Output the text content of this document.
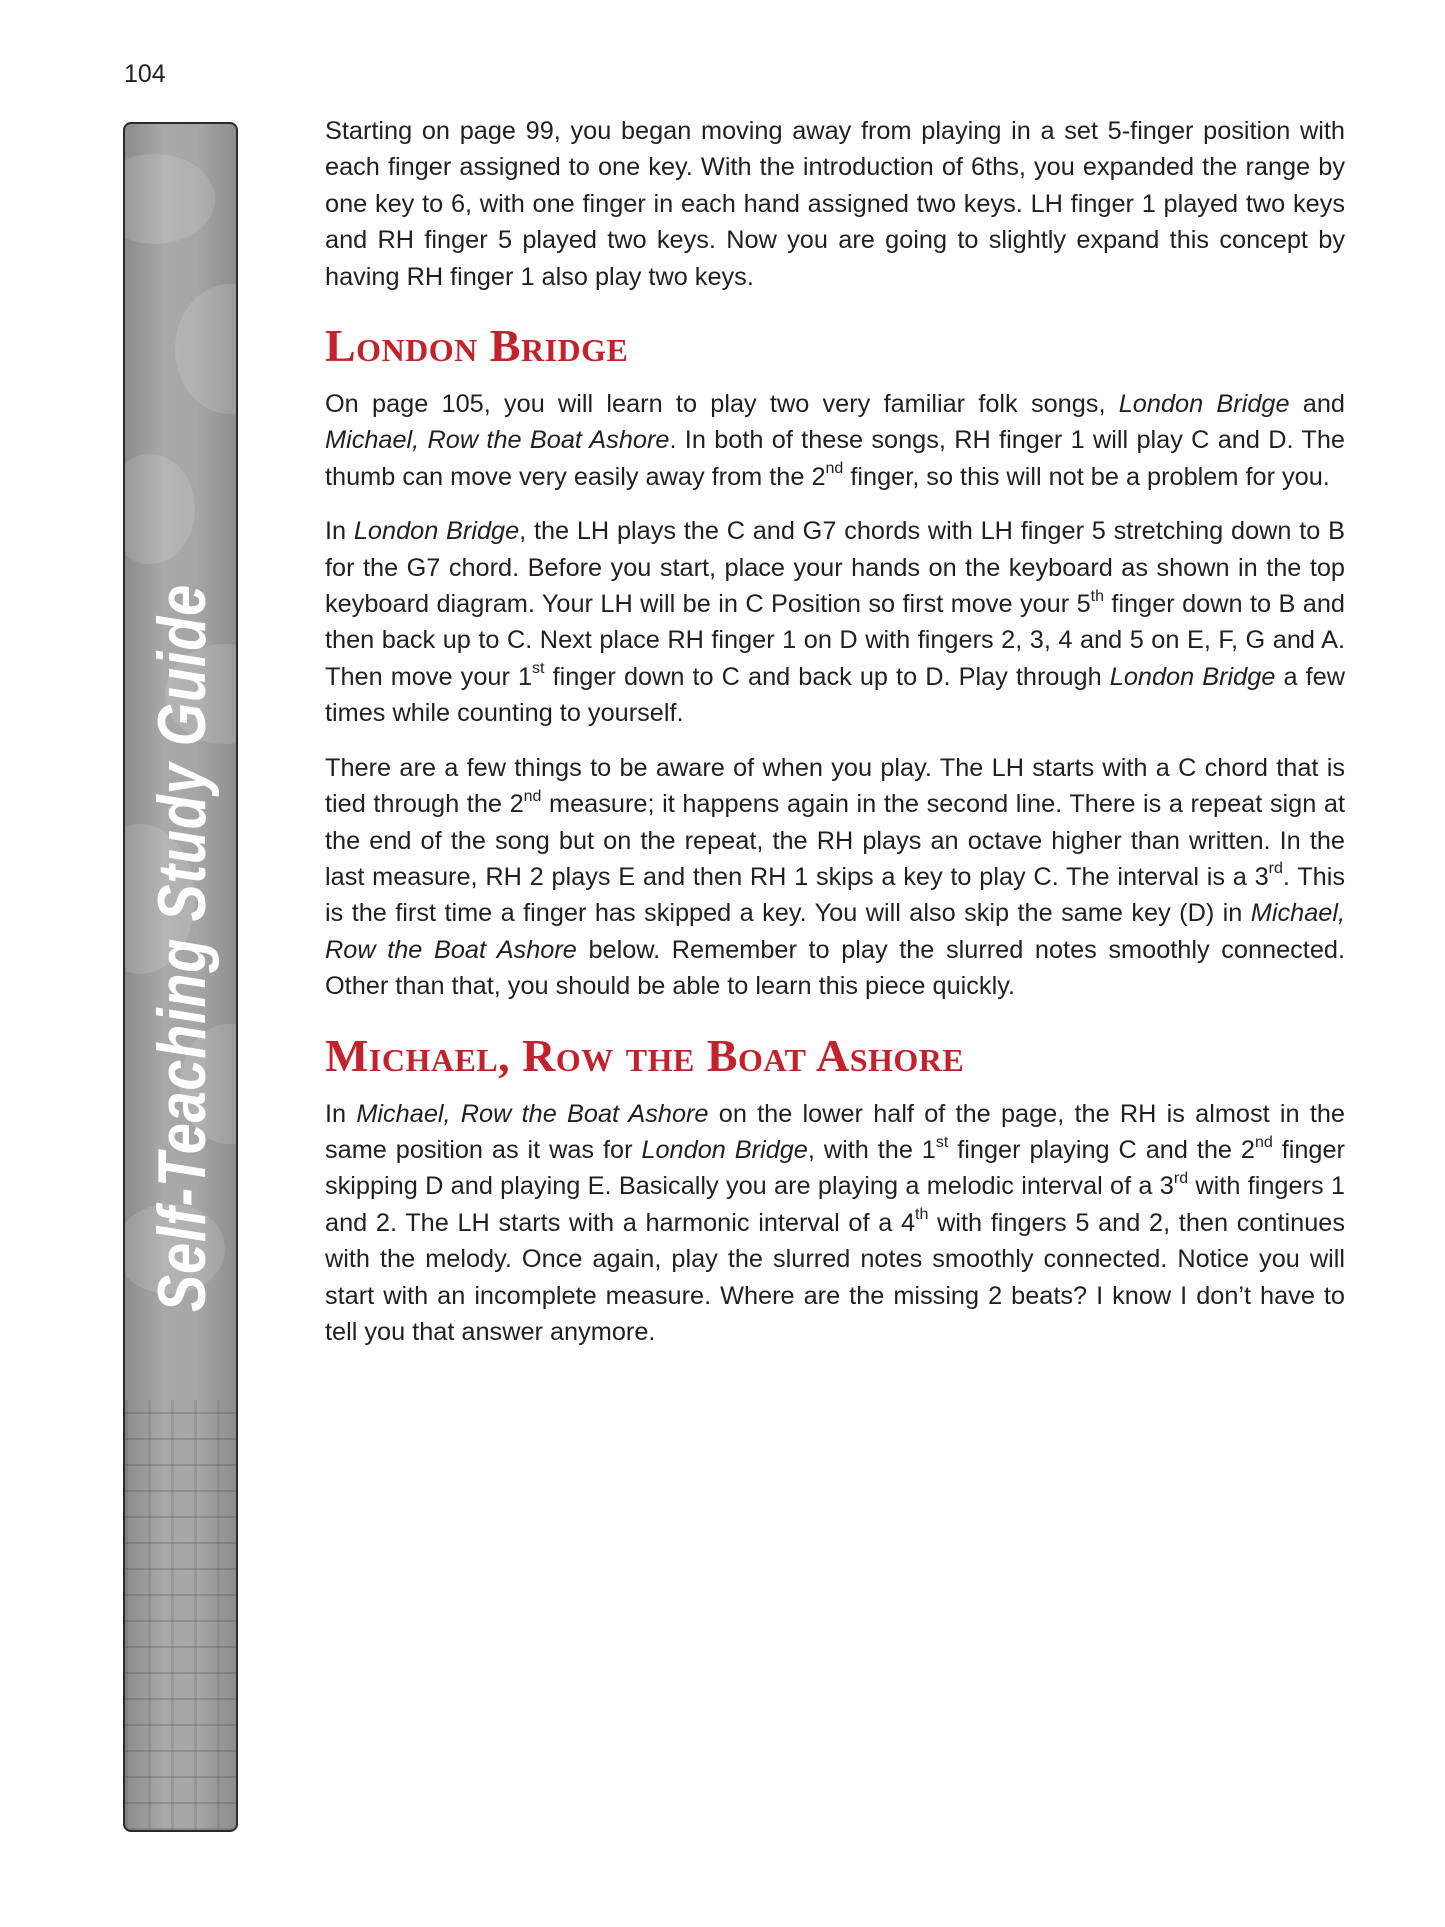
104
Self-Teaching Study Guide

Starting on page 99, you began moving away from playing in a set 5-finger position with each finger assigned to one key. With the introduction of 6ths, you expanded the range by one key to 6, with one finger in each hand assigned two keys. LH finger 1 played two keys and RH finger 5 played two keys. Now you are going to slightly expand this concept by having RH finger 1 also play two keys.

London Bridge

On page 105, you will learn to play two very familiar folk songs, London Bridge and Michael, Row the Boat Ashore. In both of these songs, RH finger 1 will play C and D. The thumb can move very easily away from the 2nd finger, so this will not be a problem for you.

In London Bridge, the LH plays the C and G7 chords with LH finger 5 stretching down to B for the G7 chord. Before you start, place your hands on the keyboard as shown in the top keyboard diagram. Your LH will be in C Position so first move your 5th finger down to B and then back up to C. Next place RH finger 1 on D with fingers 2, 3, 4 and 5 on E, F, G and A. Then move your 1st finger down to C and back up to D. Play through London Bridge a few times while counting to yourself.

There are a few things to be aware of when you play. The LH starts with a C chord that is tied through the 2nd measure; it happens again in the second line. There is a repeat sign at the end of the song but on the repeat, the RH plays an octave higher than written. In the last measure, RH 2 plays E and then RH 1 skips a key to play C. The interval is a 3rd. This is the first time a finger has skipped a key. You will also skip the same key (D) in Michael, Row the Boat Ashore below. Remember to play the slurred notes smoothly connected. Other than that, you should be able to learn this piece quickly.

Michael, Row the Boat Ashore

In Michael, Row the Boat Ashore on the lower half of the page, the RH is almost in the same position as it was for London Bridge, with the 1st finger playing C and the 2nd finger skipping D and playing E. Basically you are playing a melodic interval of a 3rd with fingers 1 and 2. The LH starts with a harmonic interval of a 4th with fingers 5 and 2, then continues with the melody. Once again, play the slurred notes smoothly connected. Notice you will start with an incomplete measure. Where are the missing 2 beats? I know I don’t have to tell you that answer anymore.
